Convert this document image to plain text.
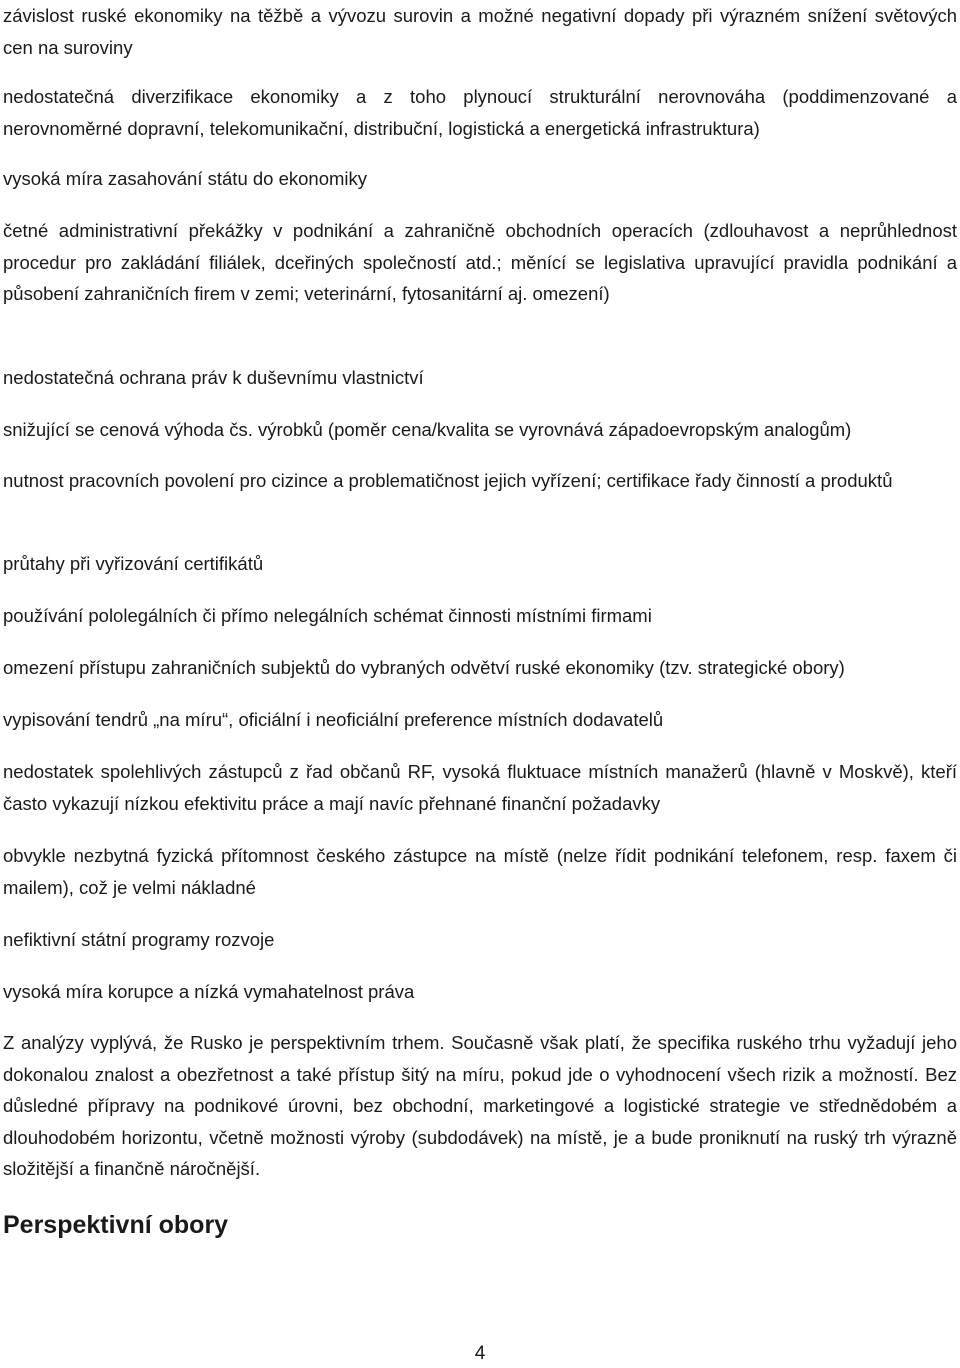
závislost ruské ekonomiky na těžbě a vývozu surovin a možné negativní dopady při výrazném snížení světových cen na suroviny

nedostatečná diverzifikace ekonomiky a z toho plynoucí strukturální nerovnováha (poddimenzované a nerovnoměrné dopravní, telekomunikační, distribuční, logistická a energetická infrastruktura)

vysoká míra zasahování státu do ekonomiky

četné administrativní překážky v podnikání a zahraničně obchodních operacích (zdlouhavost a neprůhlednost procedur pro zakládání filiálek, dceřiných společností atd.; měnící se legislativa upravující pravidla podnikání a působení zahraničních firem v zemi; veterinární, fytosanitární aj. omezení)

nedostatečná ochrana práv k duševnímu vlastnictví

snižující se cenová výhoda čs. výrobků (poměr cena/kvalita se vyrovnává západoevropským analogům)

nutnost pracovních povolení pro cizince a problematičnost jejich vyřízení; certifikace řady činností a produktů

průtahy při vyřizování certifikátů

používání pololegálních či přímo nelegálních schémat činnosti místními firmami

omezení přístupu zahraničních subjektů do vybraných odvětví ruské ekonomiky (tzv. strategické obory)

vypisování tendrů „na míru“, oficiální i neoficiální preference místních dodavatelů

nedostatek spolehlivých zástupců z řad občanů RF, vysoká fluktuace místních manažerů (hlavně v Moskvě), kteří často vykazují nízkou efektivitu práce a mají navíc přehnané finanční požadavky

obvykle nezbytná fyzická přítomnost českého zástupce na místě (nelze řídit podnikání telefonem, resp. faxem či mailem), což je velmi nákladné

nefiktivní státní programy rozvoje

vysoká míra korupce a nízká vymahatelnost práva

Z analýzy vyplývá, že Rusko je perspektivním trhem. Současně však platí, že specifika ruského trhu vyžadují jeho dokonalou znalost a obezřetnost a také přístup šitý na míru, pokud jde o vyhodnocení všech rizik a možností. Bez důsledné přípravy na podnikové úrovni, bez obchodní, marketingové a logistické strategie ve střednědobém a dlouhodobém horizontu, včetně možnosti výroby (subdodávek) na místě, je a bude proniknutí na ruský trh výrazně složitější a finančně náročnější.

Perspektivní obory
4
